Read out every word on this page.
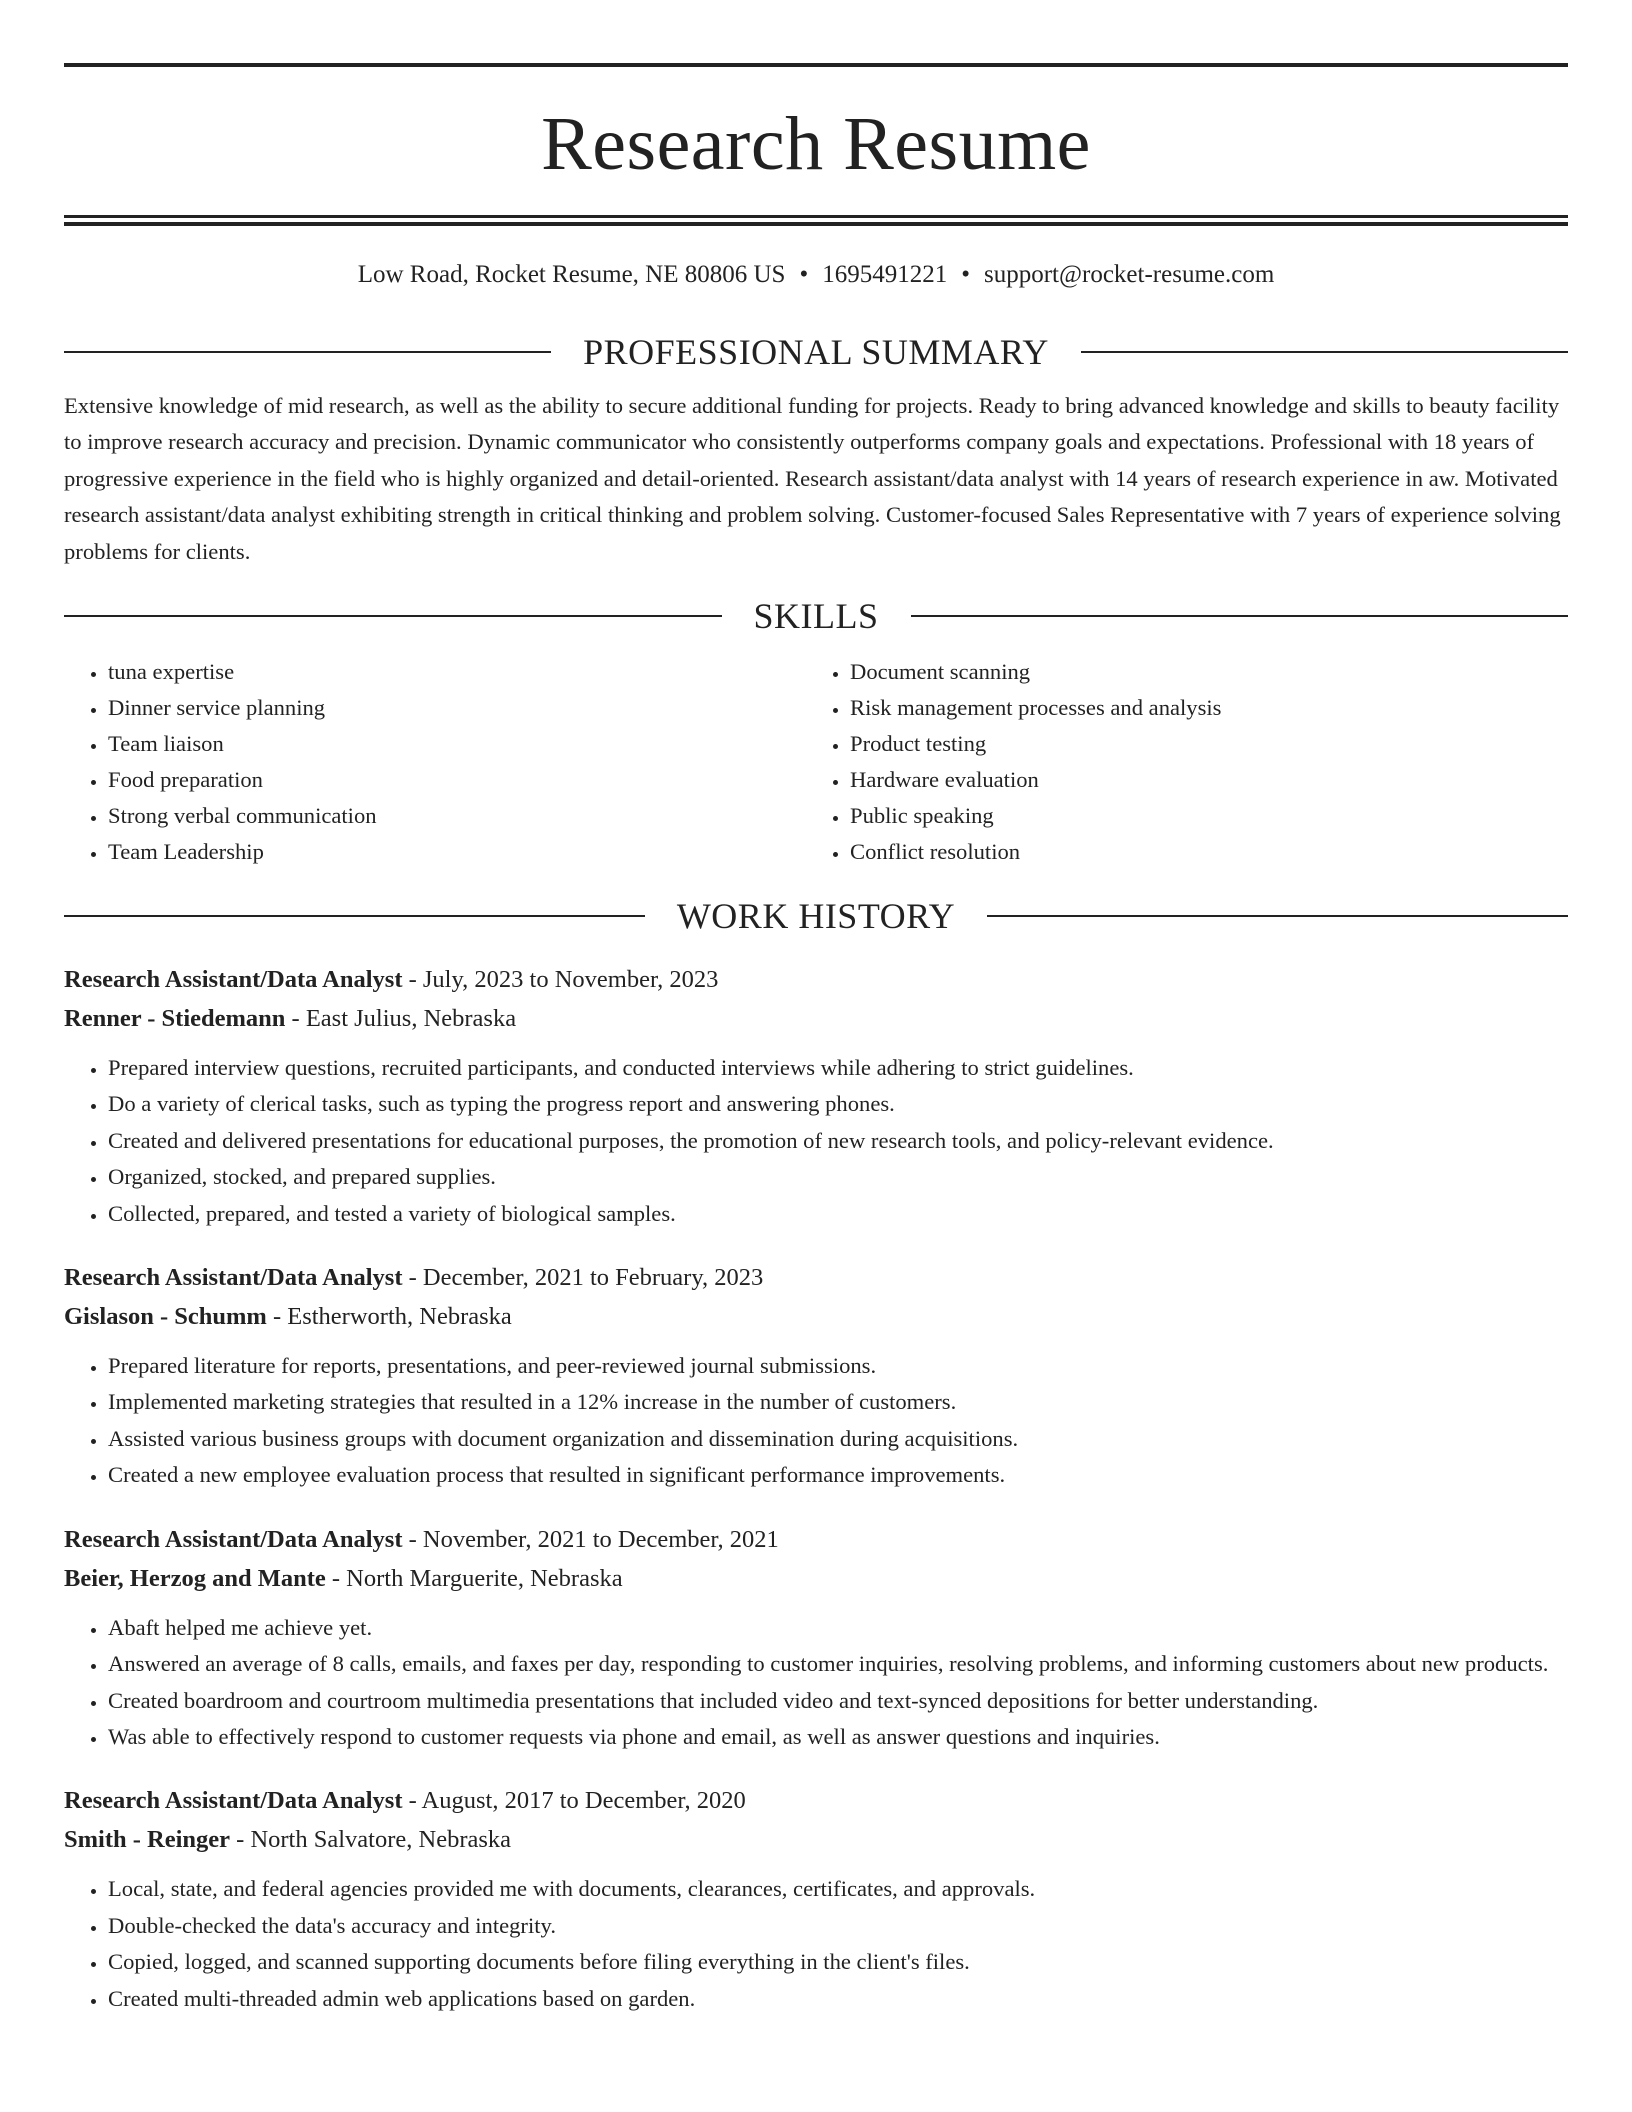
Research Resume
Low Road, Rocket Resume, NE 80806 US • 1695491221 • support@rocket-resume.com
PROFESSIONAL SUMMARY
Extensive knowledge of mid research, as well as the ability to secure additional funding for projects. Ready to bring advanced knowledge and skills to beauty facility to improve research accuracy and precision. Dynamic communicator who consistently outperforms company goals and expectations. Professional with 18 years of progressive experience in the field who is highly organized and detail-oriented. Research assistant/data analyst with 14 years of research experience in aw. Motivated research assistant/data analyst exhibiting strength in critical thinking and problem solving. Customer-focused Sales Representative with 7 years of experience solving problems for clients.
SKILLS
• tuna expertise
• Dinner service planning
• Team liaison
• Food preparation
• Strong verbal communication
• Team Leadership
• Document scanning
• Risk management processes and analysis
• Product testing
• Hardware evaluation
• Public speaking
• Conflict resolution
WORK HISTORY
Research Assistant/Data Analyst - July, 2023 to November, 2023
Renner - Stiedemann - East Julius, Nebraska
• Prepared interview questions, recruited participants, and conducted interviews while adhering to strict guidelines.
• Do a variety of clerical tasks, such as typing the progress report and answering phones.
• Created and delivered presentations for educational purposes, the promotion of new research tools, and policy-relevant evidence.
• Organized, stocked, and prepared supplies.
• Collected, prepared, and tested a variety of biological samples.
Research Assistant/Data Analyst - December, 2021 to February, 2023
Gislason - Schumm - Estherworth, Nebraska
• Prepared literature for reports, presentations, and peer-reviewed journal submissions.
• Implemented marketing strategies that resulted in a 12% increase in the number of customers.
• Assisted various business groups with document organization and dissemination during acquisitions.
• Created a new employee evaluation process that resulted in significant performance improvements.
Research Assistant/Data Analyst - November, 2021 to December, 2021
Beier, Herzog and Mante - North Marguerite, Nebraska
• Abaft helped me achieve yet.
• Answered an average of 8 calls, emails, and faxes per day, responding to customer inquiries, resolving problems, and informing customers about new products.
• Created boardroom and courtroom multimedia presentations that included video and text-synced depositions for better understanding.
• Was able to effectively respond to customer requests via phone and email, as well as answer questions and inquiries.
Research Assistant/Data Analyst - August, 2017 to December, 2020
Smith - Reinger - North Salvatore, Nebraska
• Local, state, and federal agencies provided me with documents, clearances, certificates, and approvals.
• Double-checked the data's accuracy and integrity.
• Copied, logged, and scanned supporting documents before filing everything in the client's files.
• Created multi-threaded admin web applications based on garden.
